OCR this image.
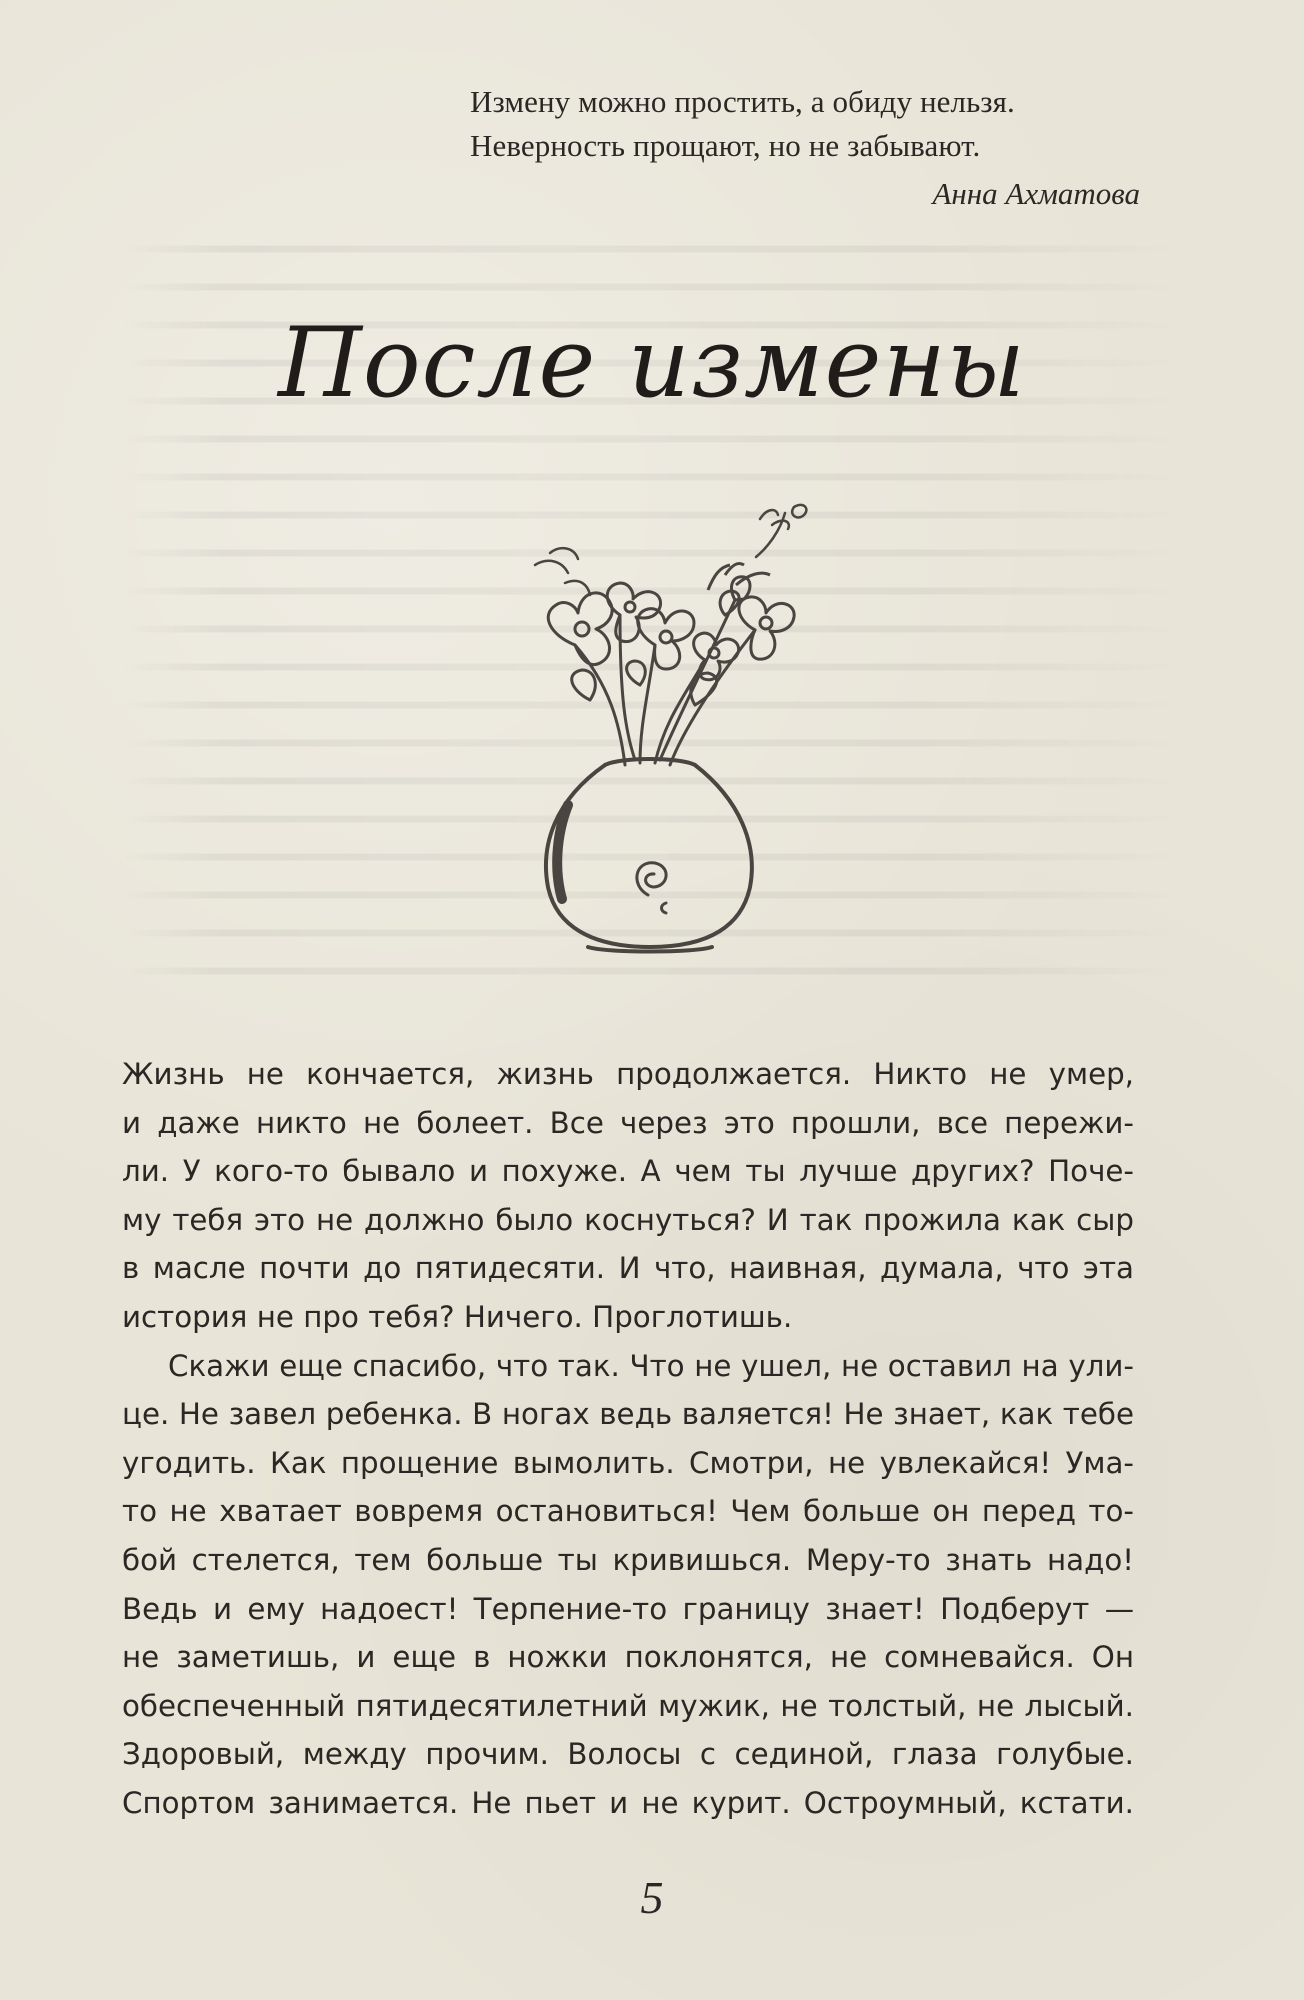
Измену можно простить, а обиду нельзя.
Неверность прощают, но не забывают.
Анна Ахматова
После измены
Жизнь не кончается, жизнь продолжается. Никто не умер,
и даже никто не болеет. Все через это прошли, все пережи-
ли. У кого-то бывало и похуже. А чем ты лучше других? Поче-
му тебя это не должно было коснуться? И так прожила как сыр
в масле почти до пятидесяти. И что, наивная, думала, что эта
история не про тебя? Ничего. Проглотишь.
Скажи еще спасибо, что так. Что не ушел, не оставил на ули-
це. Не завел ребенка. В ногах ведь валяется! Не знает, как тебе
угодить. Как прощение вымолить. Смотри, не увлекайся! Ума-
то не хватает вовремя остановиться! Чем больше он перед то-
бой стелется, тем больше ты кривишься. Меру-то знать надо!
Ведь и ему надоест! Терпение-то границу знает! Подберут —
не заметишь, и еще в ножки поклонятся, не сомневайся. Он
обеспеченный пятидесятилетний мужик, не толстый, не лысый.
Здоровый, между прочим. Волосы с сединой, глаза голубые.
Спортом занимается. Не пьет и не курит. Остроумный, кстати.
5
